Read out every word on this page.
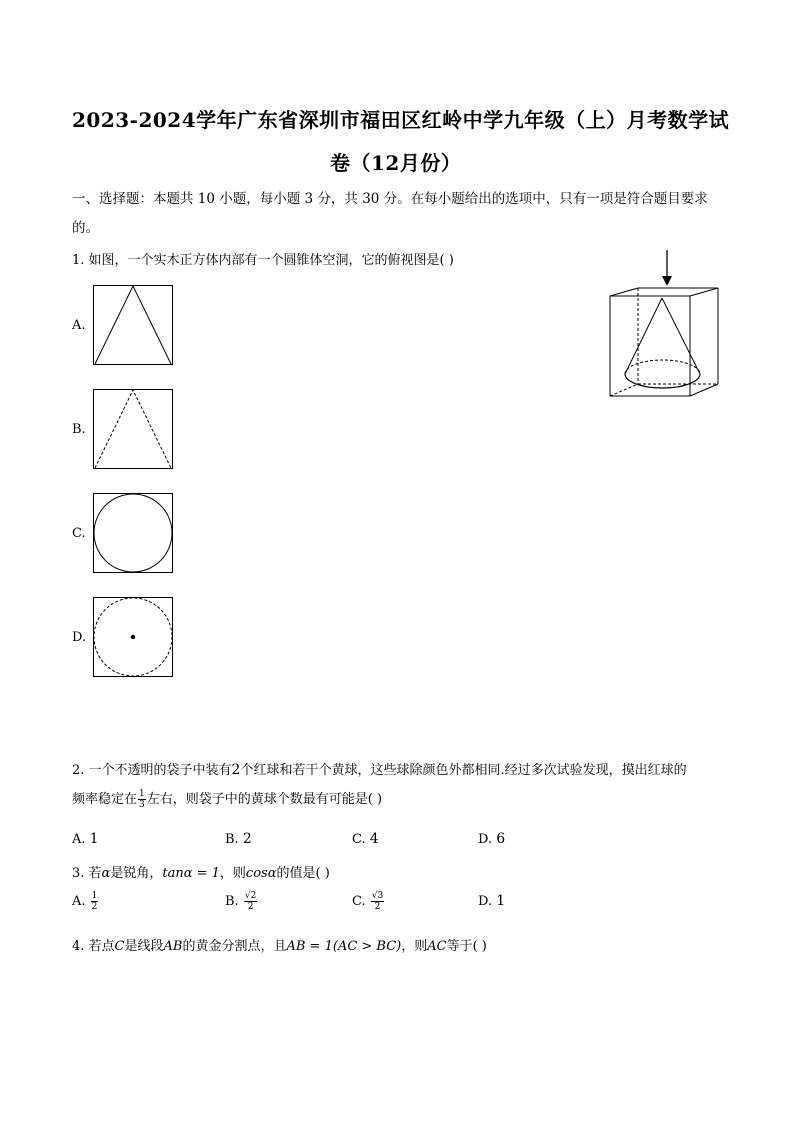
2023-2024学年广东省深圳市福田区红岭中学九年级（上）月考数学试
卷（12月份）
一、选择题：本题共 10 小题，每小题 3 分，共 30 分。在每小题给出的选项中，只有一项是符合题目要求
的。
1. 如图，一个实木正方体内部有一个圆锥体空洞，它的俯视图是( )
A.
B.
C.
D.
2. 一个不透明的袋子中装有2个红球和若干个黄球，这些球除颜色外都相同.经过多次试验发现，摸出红球的
频率稳定在 $\frac{1}{3}$ 左右，则袋子中的黄球个数最有可能是( )
A. 1	B. 2	C. 4	D. 6
3. 若α是锐角，tanα = 1，则cosα的值是( )
A. $\frac{1}{2}$	B. $\frac{√2}{2}$	C. $\frac{√3}{2}$	D. 1
4. 若点C是线段AB的黄金分割点，且AB = 1(AC > BC)，则AC等于( )
